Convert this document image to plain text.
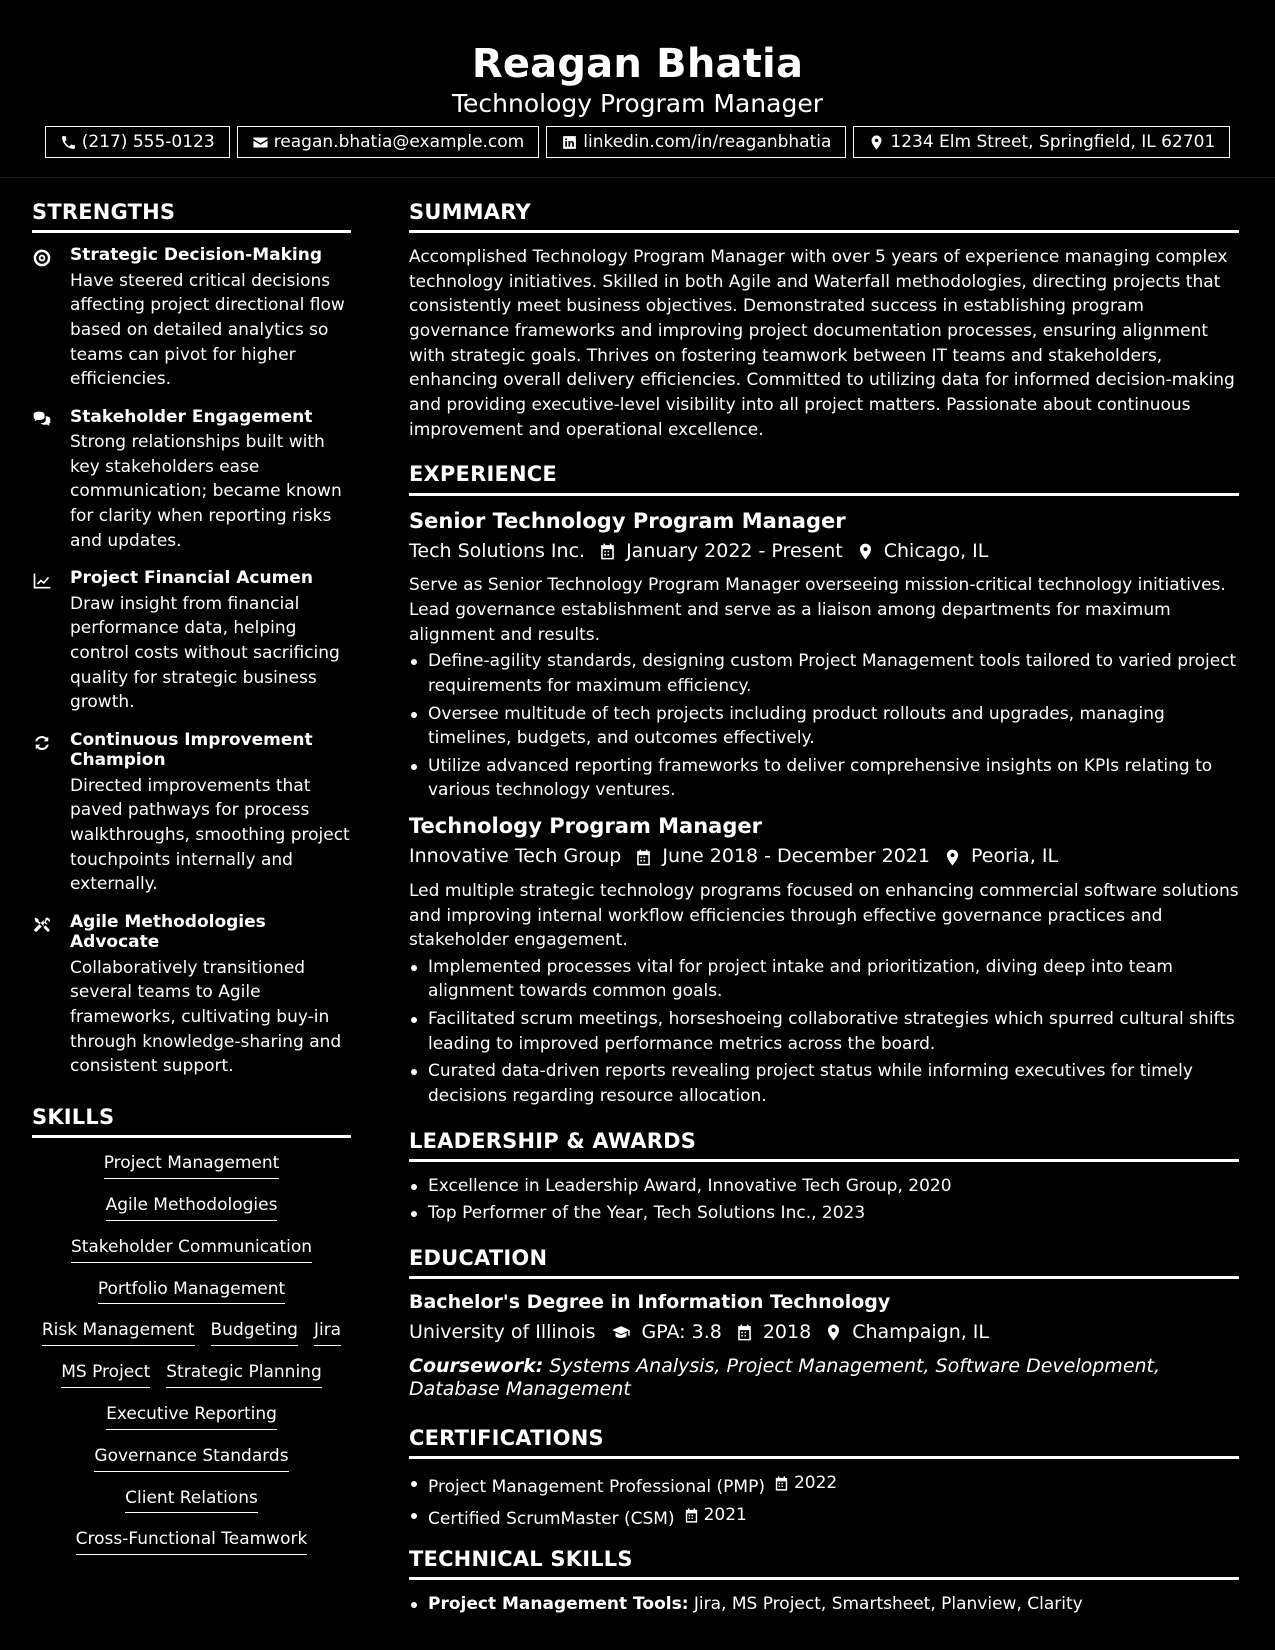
Reagan Bhatia
Technology Program Manager
(217) 555-0123	reagan.bhatia@example.com	linkedin.com/in/reaganbhatia	1234 Elm Street, Springfield, IL 62701
STRENGTHS
Strategic Decision-Making

Have steered critical decisions affecting project directional flow based on detailed analytics so teams can pivot for higher efficiencies.

Stakeholder Engagement

Strong relationships built with key stakeholders ease communication; became known for clarity when reporting risks and updates.

Project Financial Acumen

Draw insight from financial performance data, helping control costs without sacrificing quality for strategic business growth.

Continuous Improvement Champion

Directed improvements that paved pathways for process walkthroughs, smoothing project touchpoints internally and externally.

Agile Methodologies Advocate

Collaboratively transitioned several teams to Agile frameworks, cultivating buy-in through knowledge-sharing and consistent support.

SKILLS
Project Management
Agile Methodologies
Stakeholder Communication
Portfolio Management
Risk Management Budgeting Jira
MS Project Strategic Planning
Executive Reporting
Governance Standards
Client Relations
Cross-Functional Teamwork
SUMMARY

Accomplished Technology Program Manager with over 5 years of experience managing complex technology initiatives. Skilled in both Agile and Waterfall methodologies, directing projects that consistently meet business objectives. Demonstrated success in establishing program governance frameworks and improving project documentation processes, ensuring alignment with strategic goals. Thrives on fostering teamwork between IT teams and stakeholders, enhancing overall delivery efficiencies. Committed to utilizing data for informed decision-making and providing executive-level visibility into all project matters. Passionate about continuous improvement and operational excellence.

EXPERIENCE
Senior Technology Program Manager
Tech Solutions Inc. January 2022 - Present Chicago, IL

Serve as Senior Technology Program Manager overseeing mission-critical technology initiatives. Lead governance establishment and serve as a liaison among departments for maximum alignment and results.

Define-agility standards, designing custom Project Management tools tailored to varied project requirements for maximum efficiency.
Oversee multitude of tech projects including product rollouts and upgrades, managing timelines, budgets, and outcomes effectively.
Utilize advanced reporting frameworks to deliver comprehensive insights on KPIs relating to various technology ventures.
Technology Program Manager
Innovative Tech Group June 2018 - December 2021 Peoria, IL

Led multiple strategic technology programs focused on enhancing commercial software solutions and improving internal workflow efficiencies through effective governance practices and stakeholder engagement.

Implemented processes vital for project intake and prioritization, diving deep into team alignment towards common goals.
Facilitated scrum meetings, horseshoeing collaborative strategies which spurred cultural shifts leading to improved performance metrics across the board.
Curated data-driven reports revealing project status while informing executives for timely decisions regarding resource allocation.
LEADERSHIP & AWARDS
Excellence in Leadership Award, Innovative Tech Group, 2020
Top Performer of the Year, Tech Solutions Inc., 2023
EDUCATION
Bachelor's Degree in Information Technology
University of Illinois GPA: 3.8 2018 Champaign, IL
Coursework: Systems Analysis, Project Management, Software Development, Database Management
CERTIFICATIONS
Project Management Professional (PMP) 2022
Certified ScrumMaster (CSM) 2021
TECHNICAL SKILLS
Project Management Tools: Jira, MS Project, Smartsheet, Planview, Clarity
